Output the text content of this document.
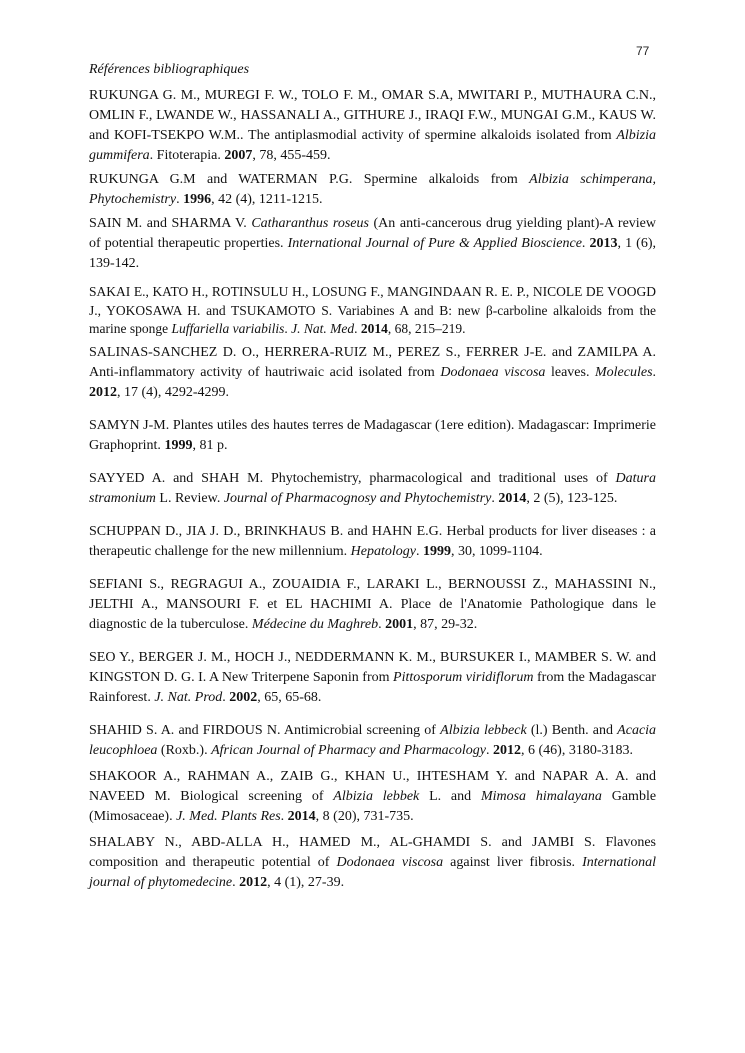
77
Références bibliographiques

RUKUNGA G. M., MUREGI F. W., TOLO F. M., OMAR S.A, MWITARI P., MUTHAURA C.N., OMLIN F., LWANDE W., HASSANALI A., GITHURE J., IRAQI F.W., MUNGAI G.M., KAUS W. and KOFI-TSEKPO W.M.. The antiplasmodial activity of spermine alkaloids isolated from Albizia gummifera. Fitoterapia. 2007, 78, 455-459.

RUKUNGA G.M and WATERMAN P.G. Spermine alkaloids from Albizia schimperana, Phytochemistry. 1996, 42 (4), 1211-1215.

SAIN M. and SHARMA V. Catharanthus roseus (An anti-cancerous drug yielding plant)-A review of potential therapeutic properties. International Journal of Pure & Applied Bioscience. 2013, 1 (6), 139-142.

SAKAI E., KATO H., ROTINSULU H., LOSUNG F., MANGINDAAN R. E. P., NICOLE DE VOOGD J., YOKOSAWA H. and TSUKAMOTO S. Variabines A and B: new β-carboline alkaloids from the marine sponge Luffariella variabilis. J. Nat. Med. 2014, 68, 215–219.

SALINAS-SANCHEZ D. O., HERRERA-RUIZ M., PEREZ S., FERRER J-E. and ZAMILPA A. Anti-inflammatory activity of hautriwaic acid isolated from Dodonaea viscosa leaves. Molecules. 2012, 17 (4), 4292-4299.

SAMYN J-M. Plantes utiles des hautes terres de Madagascar (1ere edition). Madagascar: Imprimerie Graphoprint. 1999, 81 p.

SAYYED A. and SHAH M. Phytochemistry, pharmacological and traditional uses of Datura stramonium L. Review. Journal of Pharmacognosy and Phytochemistry. 2014, 2 (5), 123-125.

SCHUPPAN D., JIA J. D., BRINKHAUS B. and HAHN E.G. Herbal products for liver diseases : a therapeutic challenge for the new millennium. Hepatology. 1999, 30, 1099-1104.

SEFIANI S., REGRAGUI A., ZOUAIDIA F., LARAKI L., BERNOUSSI Z., MAHASSINI N., JELTHI A., MANSOURI F. et EL HACHIMI A. Place de l'Anatomie Pathologique dans le diagnostic de la tuberculose. Médecine du Maghreb. 2001, 87, 29-32.

SEO Y., BERGER J. M., HOCH J., NEDDERMANN K. M., BURSUKER I., MAMBER S. W. and KINGSTON D. G. I. A New Triterpene Saponin from Pittosporum viridiflorum from the Madagascar Rainforest. J. Nat. Prod. 2002, 65, 65-68.

SHAHID S. A. and FIRDOUS N. Antimicrobial screening of Albizia lebbeck (l.) Benth. and Acacia leucophloea (Roxb.). African Journal of Pharmacy and Pharmacology. 2012, 6 (46), 3180-3183.

SHAKOOR A., RAHMAN A., ZAIB G., KHAN U., IHTESHAM Y. and NAPAR A. A. and NAVEED M. Biological screening of Albizia lebbek L. and Mimosa himalayana Gamble (Mimosaceae). J. Med. Plants Res. 2014, 8 (20), 731-735.

SHALABY N., ABD-ALLA H., HAMED M., AL-GHAMDI S. and JAMBI S. Flavones composition and therapeutic potential of Dodonaea viscosa against liver fibrosis. International journal of phytomedecine. 2012, 4 (1), 27-39.
